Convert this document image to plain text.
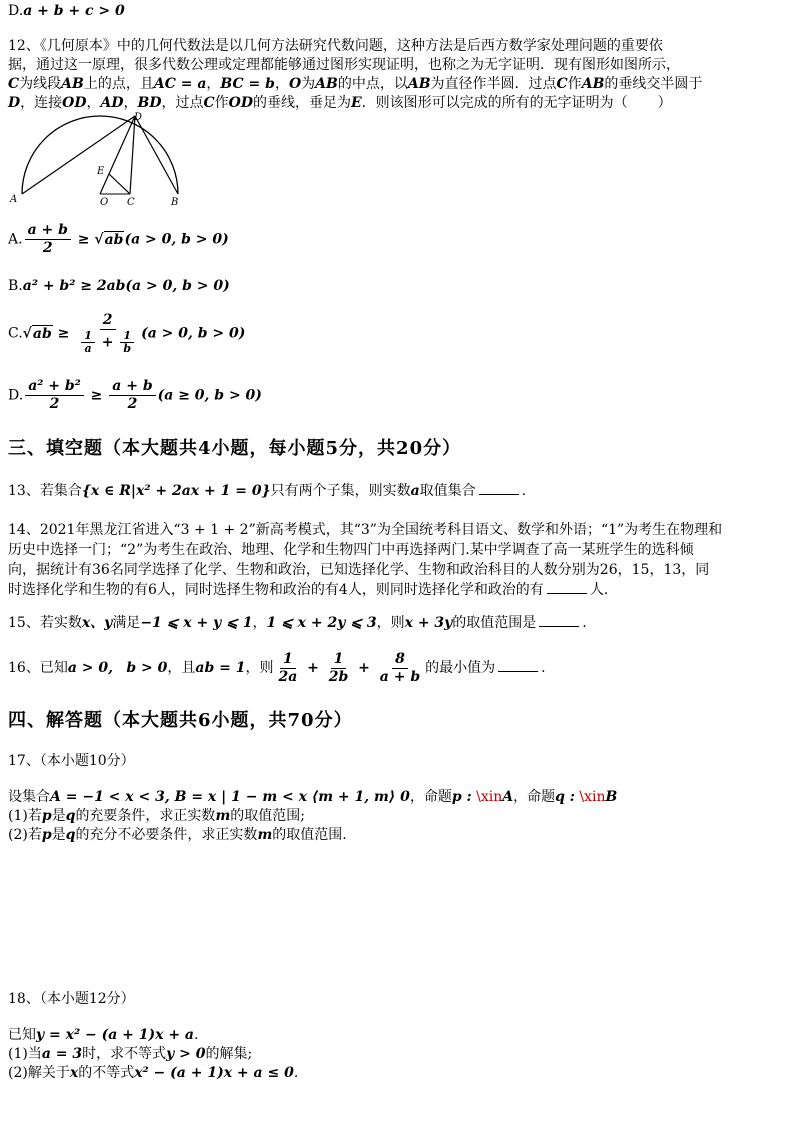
D.a + b + c > 0
12、《几何原本》中的几何代数法是以几何方法研究代数问题，这种方法是后西方数学家处理问题的重要依
据，通过这一原理，很多代数公理或定理都能够通过图形实现证明，也称之为无字证明．现有图形如图所示，
C为线段AB上的点，且AC = a，BC = b，O为AB的中点，以AB为直径作半圆．过点C作AB的垂线交半圆于
D，连接OD，AD，BD，过点C作OD的垂线，垂足为E．则该图形可以完成的所有的无字证明为（ ）
A
D
E
O C	B
A. $\frac{a + b}{2} \ge √ab(a > 0$, b > 0)
B.a² + b² ≥ 2ab(a > 0, b > 0)
$C.√ab \ge \frac{2}{\frac{1}{a} + \frac{1}{b}} (a > 0$, b > 0)
D. $\frac{\text{a² + b²}}{2} \ge \frac{a + b}{2} (a \ge 0$, b > 0)
三、填空题（本大题共4小题，每小题5分，共20分）
13、若集合{x ∈ R|x² + 2ax + 1 = 0}只有两个子集，则实数a取值集合	.
14、2021年黑龙江省进入“3 + 1 + 2”新高考模式，其“3”为全国统考科目语文、数学和外语；“1”为考生在物理和
历史中选择一门；“2”为考生在政治、地理、化学和生物四门中再选择两门.某中学调查了高一某班学生的选科倾
向，据统计有36名同学选择了化学、生物和政治，已知选择化学、生物和政治科目的人数分别为26，15，13，同
时选择化学和生物的有6人，同时选择生物和政治的有4人，则同时选择化学和政治的有	人.
15、若实数x、y满足−1 ⩽ x + y ⩽ 1，1 ⩽ x + 2y ⩽ 3，则x + 3y的取值范围是	.
16、已知a > 0, b > 0，且ab = 1，则 $\frac{1}{2a} + \frac{1}{2b} + \frac{8}{a + b}$ 的最小值为	.
四、解答题（本大题共6小题，共70分）
17、（本小题10分）
设集合A = −1 < x < 3, B = x | 1 − m < x ⟨m + 1, m⟩ 0，命题p : \xinA，命题q : \xinB
(1)若p是q的充要条件，求正实数m的取值范围;
(2)若p是q的充分不必要条件，求正实数m的取值范围.
18、（本小题12分）
已知y = x² − (a + 1)x + a.
(1)当a = 3时，求不等式y > 0的解集;
(2)解关于x的不等式x² − (a + 1)x + a ≤ 0.
